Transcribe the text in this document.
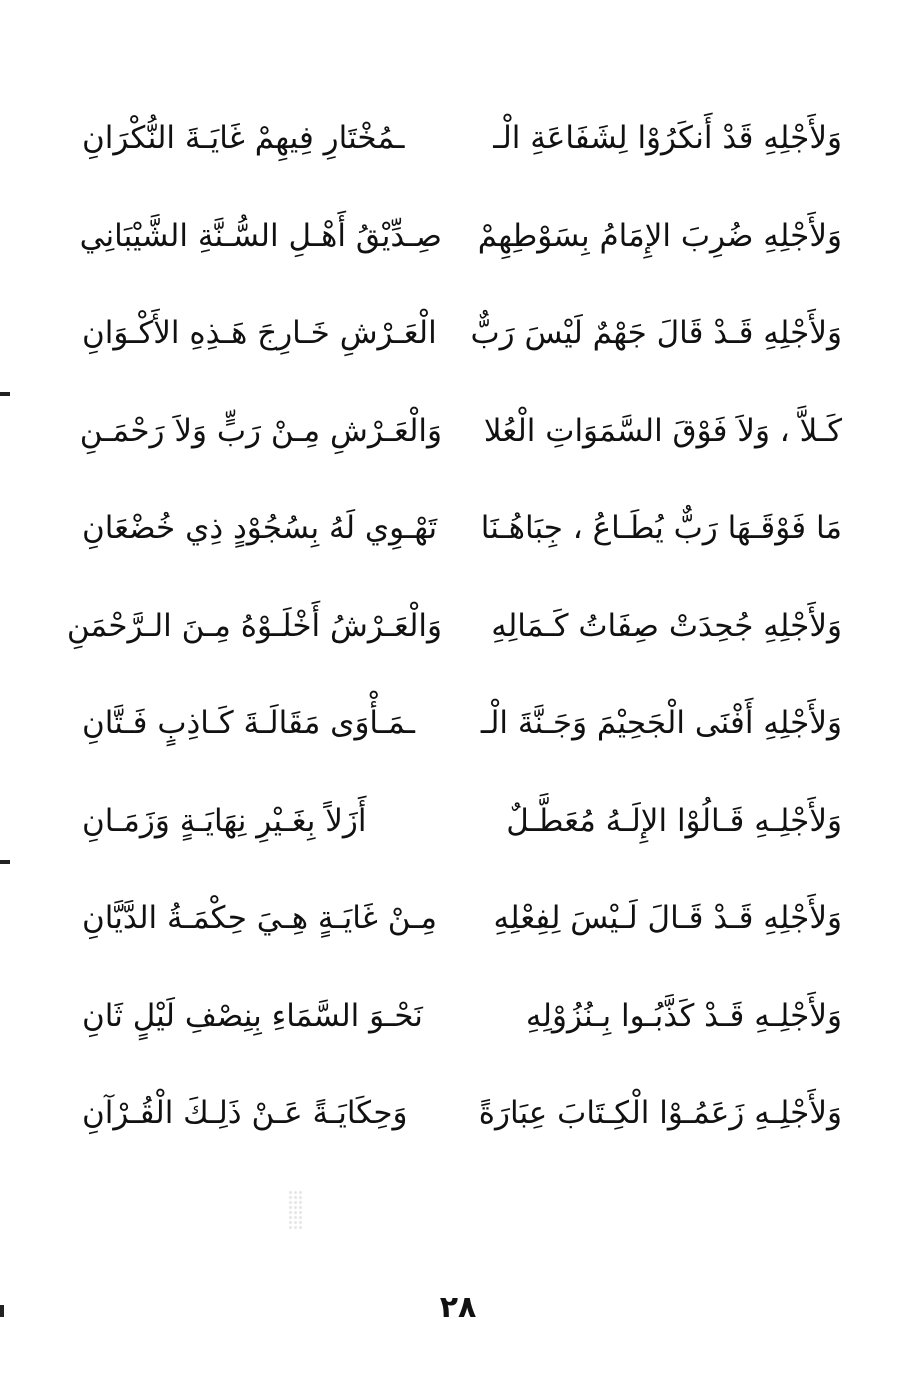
وَلأَجْلِهِ قَدْ أَنكَرُوْا لِشَفَاعَةِ الْـ
ـمُخْتَارِ فِيهِمْ غَايَـةَ النُّكْرَانِ
وَلأَجْلِهِ ضُرِبَ الإِمَامُ بِسَوْطِهِمْ
صِـدِّيْقُ أَهْـلِ السُّـنَّةِ الشَّيْبَانِي
وَلأَجْلِهِ قَـدْ قَالَ جَهْمٌ لَيْسَ رَبٌّ
الْعَـرْشِ خَـارِجَ هَـذِهِ الأَكْـوَانِ
كَـلاَّ ، وَلاَ فَوْقَ السَّمَوَاتِ الْعُلا
وَالْعَـرْشِ مِـنْ رَبٍّ وَلاَ رَحْمَـنِ
مَا فَوْقَـهَا رَبٌّ يُطَـاعُ ، جِبَاهُـنَا
تَهْـوِي لَهُ بِسُجُوْدٍ ذِي خُضْعَانِ
وَلأَجْلِهِ جُحِدَتْ صِفَاتُ كَـمَالِهِ
وَالْعَـرْشُ أَخْلَـوْهُ مِـنَ الـرَّحْمَنِ
وَلأَجْلِهِ أَفْنَى الْجَحِيْمَ وَجَـنَّةَ الْـ
ـمَـأْوَى مَقَالَـةَ كَـاذِبٍ فَـتَّانِ
وَلأَجْلِـهِ قَـالُوْا الإِلَـهُ مُعَطَّـلٌ
أَزَلاً بِغَـيْرِ نِهَايَـةٍ وَزَمَـانِ
وَلأَجْلِهِ قَـدْ قَـالَ لَـيْسَ لِفِعْلِهِ
مِـنْ غَايَـةٍ هِـيَ حِكْمَـةُ الدَّيَّانِ
وَلأَجْلِـهِ قَـدْ كَذَّبُـوا بِـنُزُوْلِهِ
نَحْـوَ السَّمَاءِ بِنِصْفِ لَيْلٍ ثَانِ
وَلأَجْلِـهِ زَعَمُـوْا الْكِـتَابَ عِبَارَةً
وَحِكَايَـةً عَـنْ ذَلِـكَ الْقُـرْآنِ
٢٨
